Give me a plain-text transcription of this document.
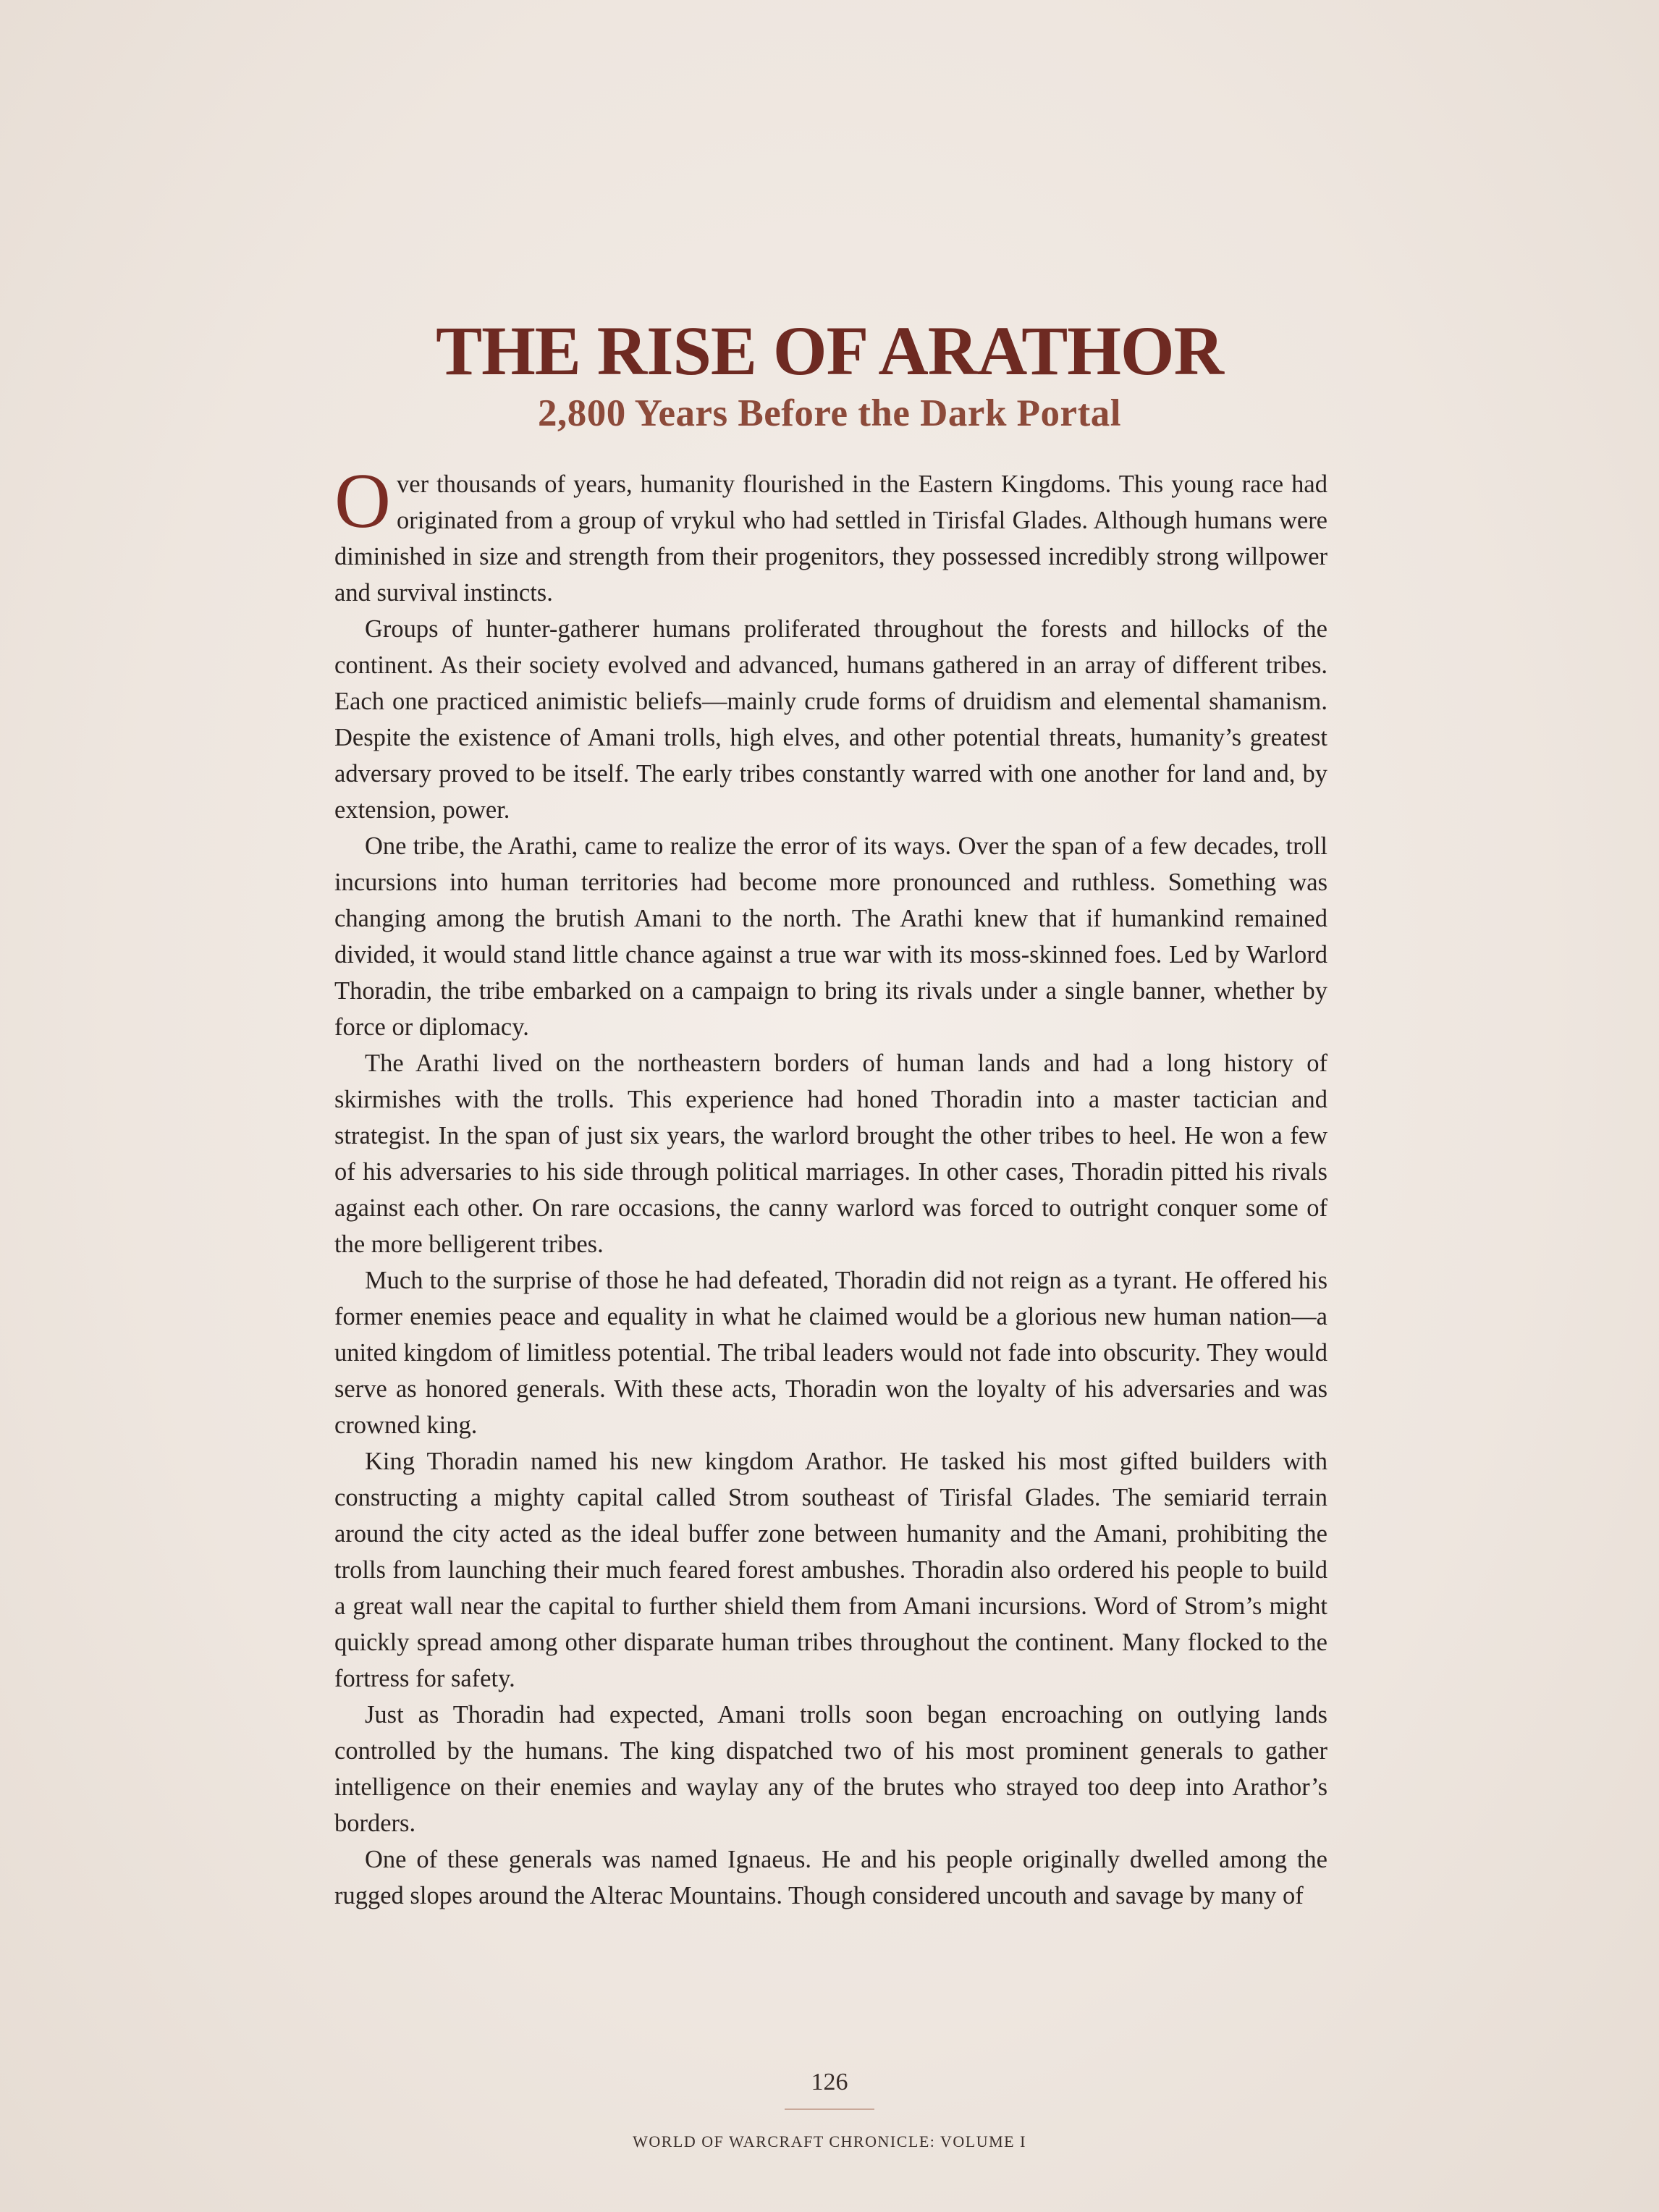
THE RISE OF ARATHOR
2,800 Years Before the Dark Portal

Over thousands of years, humanity flourished in the Eastern Kingdoms. This young race had originated from a group of vrykul who had settled in Tirisfal Glades. Although humans were diminished in size and strength from their progenitors, they possessed incredibly strong willpower and survival instincts.

Groups of hunter-gatherer humans proliferated throughout the forests and hillocks of the continent. As their society evolved and advanced, humans gathered in an array of different tribes. Each one practiced animistic beliefs—mainly crude forms of druidism and elemental shamanism. Despite the existence of Amani trolls, high elves, and other potential threats, humanity’s greatest adversary proved to be itself. The early tribes constantly warred with one another for land and, by extension, power.

One tribe, the Arathi, came to realize the error of its ways. Over the span of a few decades, troll incursions into human territories had become more pronounced and ruthless. Something was changing among the brutish Amani to the north. The Arathi knew that if humankind remained divided, it would stand little chance against a true war with its moss-skinned foes. Led by Warlord Thoradin, the tribe embarked on a campaign to bring its rivals under a single banner, whether by force or diplomacy.

The Arathi lived on the northeastern borders of human lands and had a long history of skirmishes with the trolls. This experience had honed Thoradin into a master tactician and strategist. In the span of just six years, the warlord brought the other tribes to heel. He won a few of his adversaries to his side through political marriages. In other cases, Thoradin pitted his rivals against each other. On rare occasions, the canny warlord was forced to outright conquer some of the more belligerent tribes.

Much to the surprise of those he had defeated, Thoradin did not reign as a tyrant. He offered his former enemies peace and equality in what he claimed would be a glorious new human nation—a united kingdom of limitless potential. The tribal leaders would not fade into obscurity. They would serve as honored generals. With these acts, Thoradin won the loyalty of his adversaries and was crowned king.

King Thoradin named his new kingdom Arathor. He tasked his most gifted builders with constructing a mighty capital called Strom southeast of Tirisfal Glades. The semiarid terrain around the city acted as the ideal buffer zone between humanity and the Amani, prohibiting the trolls from launching their much feared forest ambushes. Thoradin also ordered his people to build a great wall near the capital to further shield them from Amani incursions. Word of Strom’s might quickly spread among other disparate human tribes throughout the continent. Many flocked to the fortress for safety.

Just as Thoradin had expected, Amani trolls soon began encroaching on outlying lands controlled by the humans. The king dispatched two of his most prominent generals to gather intelligence on their enemies and waylay any of the brutes who strayed too deep into Arathor’s borders.

One of these generals was named Ignaeus. He and his people originally dwelled among the rugged slopes around the Alterac Mountains. Though considered uncouth and savage by many of

126
WORLD OF WARCRAFT CHRONICLE: VOLUME I
